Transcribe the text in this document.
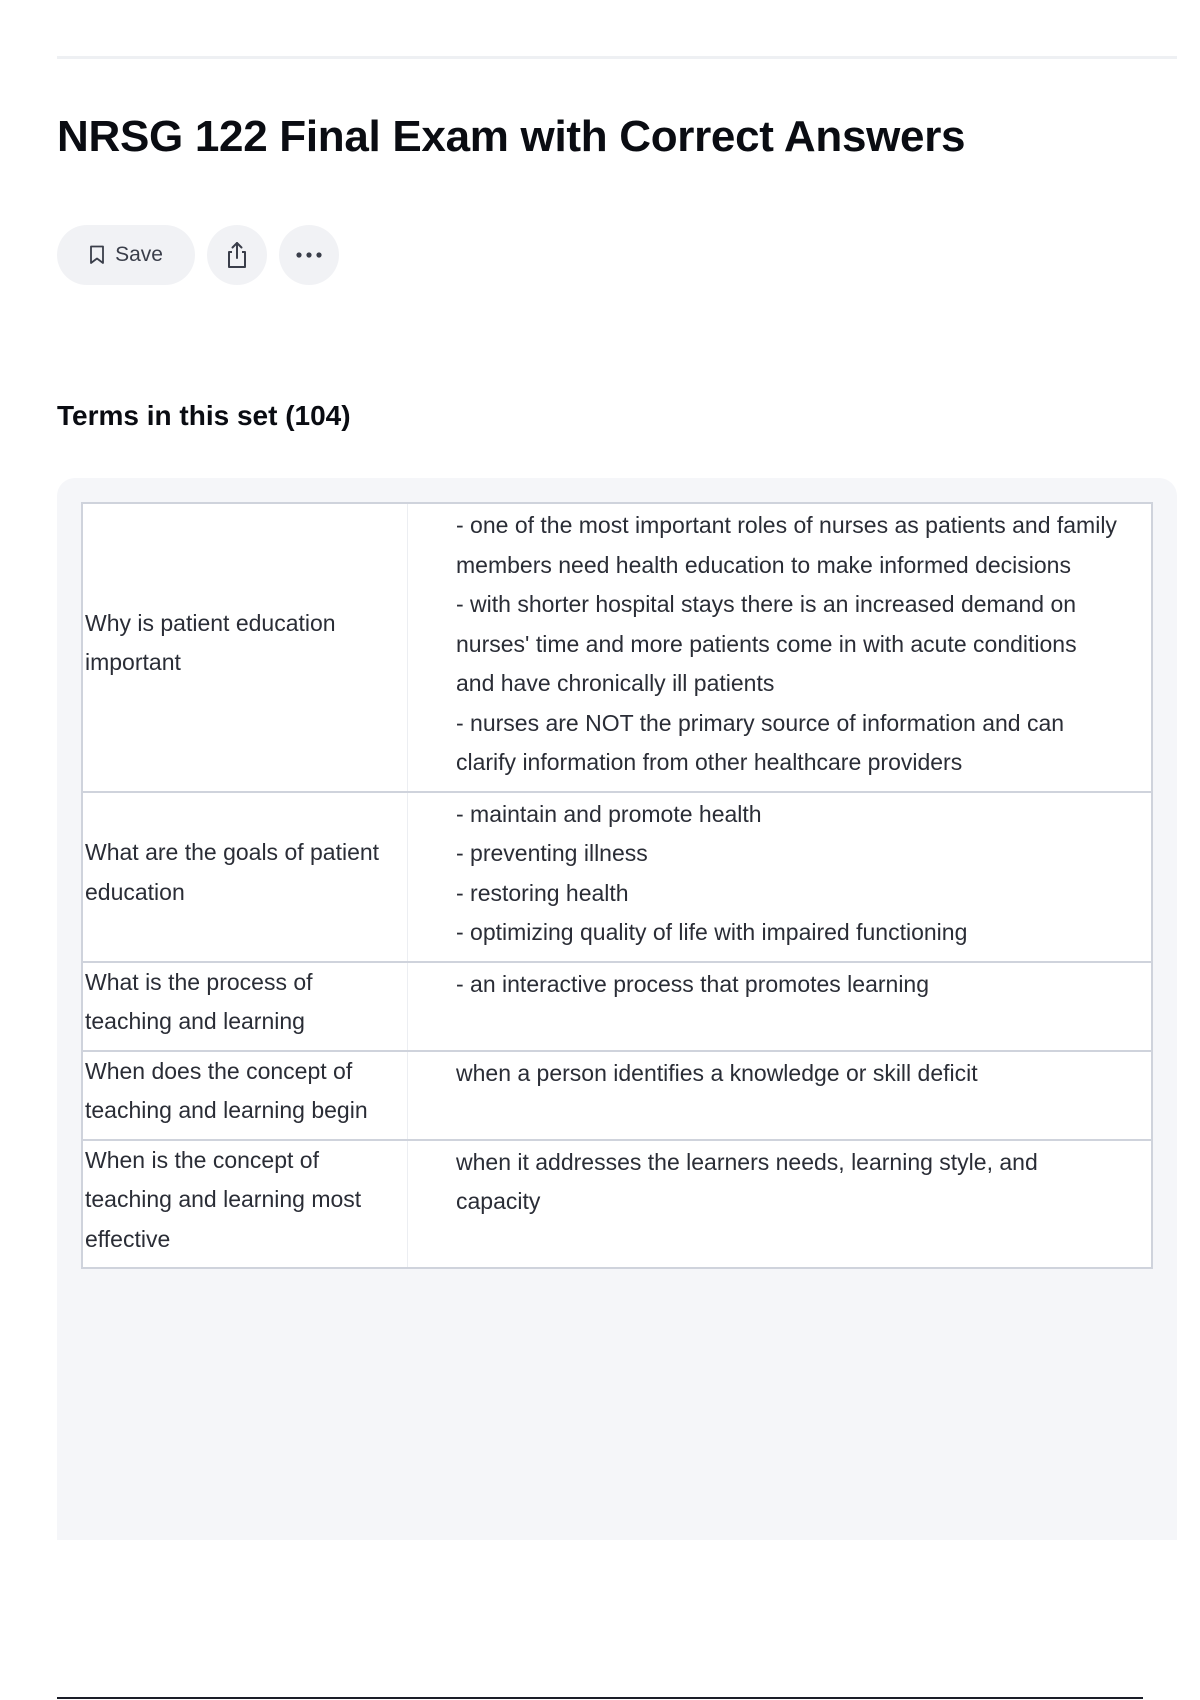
NRSG 122 Final Exam with Correct Answers
Save
Terms in this set (104)
Why is patient education important	- one of the most important roles of nurses as patients and family members need health education to make informed decisions
- with shorter hospital stays there is an increased demand on nurses' time and more patients come in with acute conditions and have chronically ill patients
- nurses are NOT the primary source of information and can clarify information from other healthcare providers

What are the goals of patient education	- maintain and promote health
- preventing illness
- restoring health
- optimizing quality of life with impaired functioning

What is the process of teaching and learning	- an interactive process that promotes learning

When does the concept of teaching and learning begin	when a person identifies a knowledge or skill deficit

When is the concept of teaching and learning most effective	when it addresses the learners needs, learning style, and capacity
